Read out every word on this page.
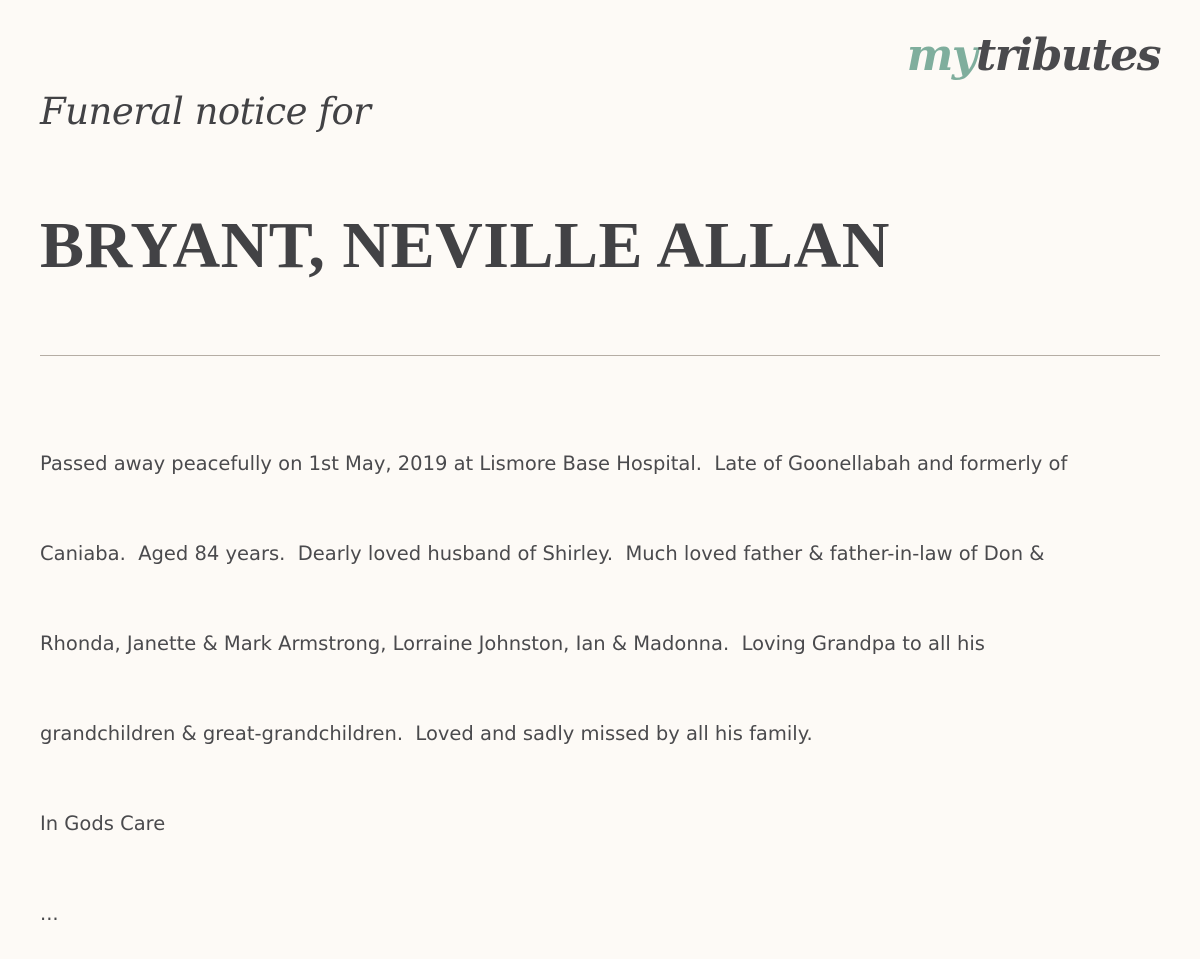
mytributes
Funeral notice for
BRYANT, NEVILLE ALLAN

Passed away peacefully on 1st May, 2019 at Lismore Base Hospital.  Late of Goonellabah and formerly of

Caniaba.  Aged 84 years.  Dearly loved husband of Shirley.  Much loved father & father-in-law of Don &

Rhonda, Janette & Mark Armstrong, Lorraine Johnston, Ian & Madonna.  Loving Grandpa to all his

grandchildren & great-grandchildren.  Loved and sadly missed by all his family.

In Gods Care

...
